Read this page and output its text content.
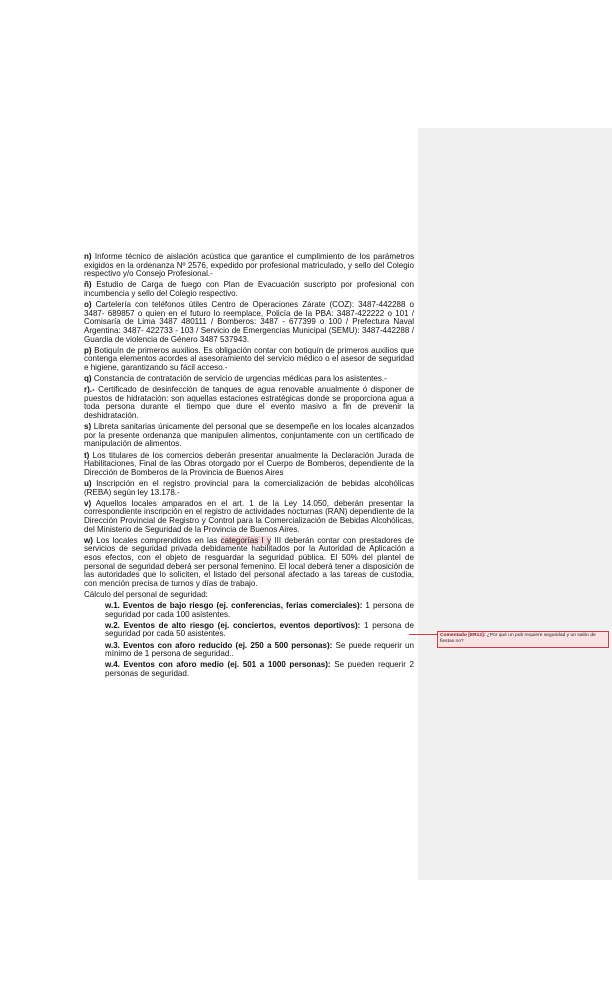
n) Informe técnico de aislación acústica que garantice el cumplimiento de los parámetros exigidos en la ordenanza Nº 2576, expedido por profesional matriculado, y sello del Colegio respectivo y/o Consejo Profesional.-
ñ) Estudio de Carga de fuego con Plan de Evacuación suscripto por profesional con incumbencia y sello del Colegio respectivo.
o) Cartelería con teléfonos útiles Centro de Operaciones Zárate (COZ): 3487-442288 o 3487- 689857 o quien en el futuro lo reemplace, Policía de la PBA: 3487-422222 o 101 / Comisaría de Lima 3487 480111 / Bomberos: 3487 - 677399 o 100 / Prefectura Naval Argentina: 3487- 422733 - 103 / Servicio de Emergencias Municipal (SEMU): 3487-442288 / Guardia de violencia de Género 3487 537943.
p) Botiquín de primeros auxilios. Es obligación contar con botiquín de primeros auxilios que contenga elementos acordes al asesoramiento del servicio médico o el asesor de seguridad e higiene, garantizando su fácil acceso.-
q) Constancia de contratación de servicio de urgencias médicas para los asistentes.-
r).- Certificado de desinfección de tanques de agua renovable anualmente ó disponer de puestos de hidratación: son aquellas estaciones estratégicas donde se proporciona agua a toda persona durante el tiempo que dure el evento masivo a fin de prevenir la deshidratación.
s) Libreta sanitarias únicamente del personal que se desempeñe en los locales alcanzados por la presente ordenanza que manipulen alimentos, conjuntamente con un certificado de manipulación de alimentos.
t) Los titulares de los comercios deberán presentar anualmente la Declaración Jurada de Habilitaciones, Final de las Obras otorgado por el Cuerpo de Bomberos, dependiente de la Dirección de Bomberos de la Provincia de Buenos Aires
u) Inscripción en el registro provincial para la comercialización de bebidas alcohólicas (REBA) según ley 13.178.-
v) Aquellos locales amparados en el art. 1 de la Ley 14.050, deberán presentar la correspondiente inscripción en el registro de actividades nocturnas (RAN) dependiente de la Dirección Provincial de Registro y Control para la Comercialización de Bebidas Alcohólicas, del Ministerio de Seguridad de la Provincia de Buenos Aires.
w) Los locales comprendidos en las categorías I y III deberán contar con prestadores de servicios de seguridad privada debidamente habilitados por la Autoridad de Aplicación a esos efectos, con el objeto de resguardar la seguridad pública. El 50% del plantel de personal de seguridad deberá ser personal femenino. El local deberá tener a disposición de las autoridades que lo soliciten, el listado del personal afectado a las tareas de custodia, con mención precisa de turnos y días de trabajo.
Cálculo del personal de seguridad:
w.1. Eventos de bajo riesgo (ej. conferencias, ferias comerciales): 1 persona de seguridad por cada 100 asistentes.
w.2. Eventos de alto riesgo (ej. conciertos, eventos deportivos): 1 persona de seguridad por cada 50 asistentes.
w.3. Eventos con aforo reducido (ej. 250 a 500 personas): Se puede requerir un mínimo de 1 persona de seguridad..
w.4. Eventos con aforo medio (ej. 501 a 1000 personas): Se pueden requerir 2 personas de seguridad.
Comentado [ER12]: ¿Por qué un pub requiere seguridad y un salón de fiestas no?
